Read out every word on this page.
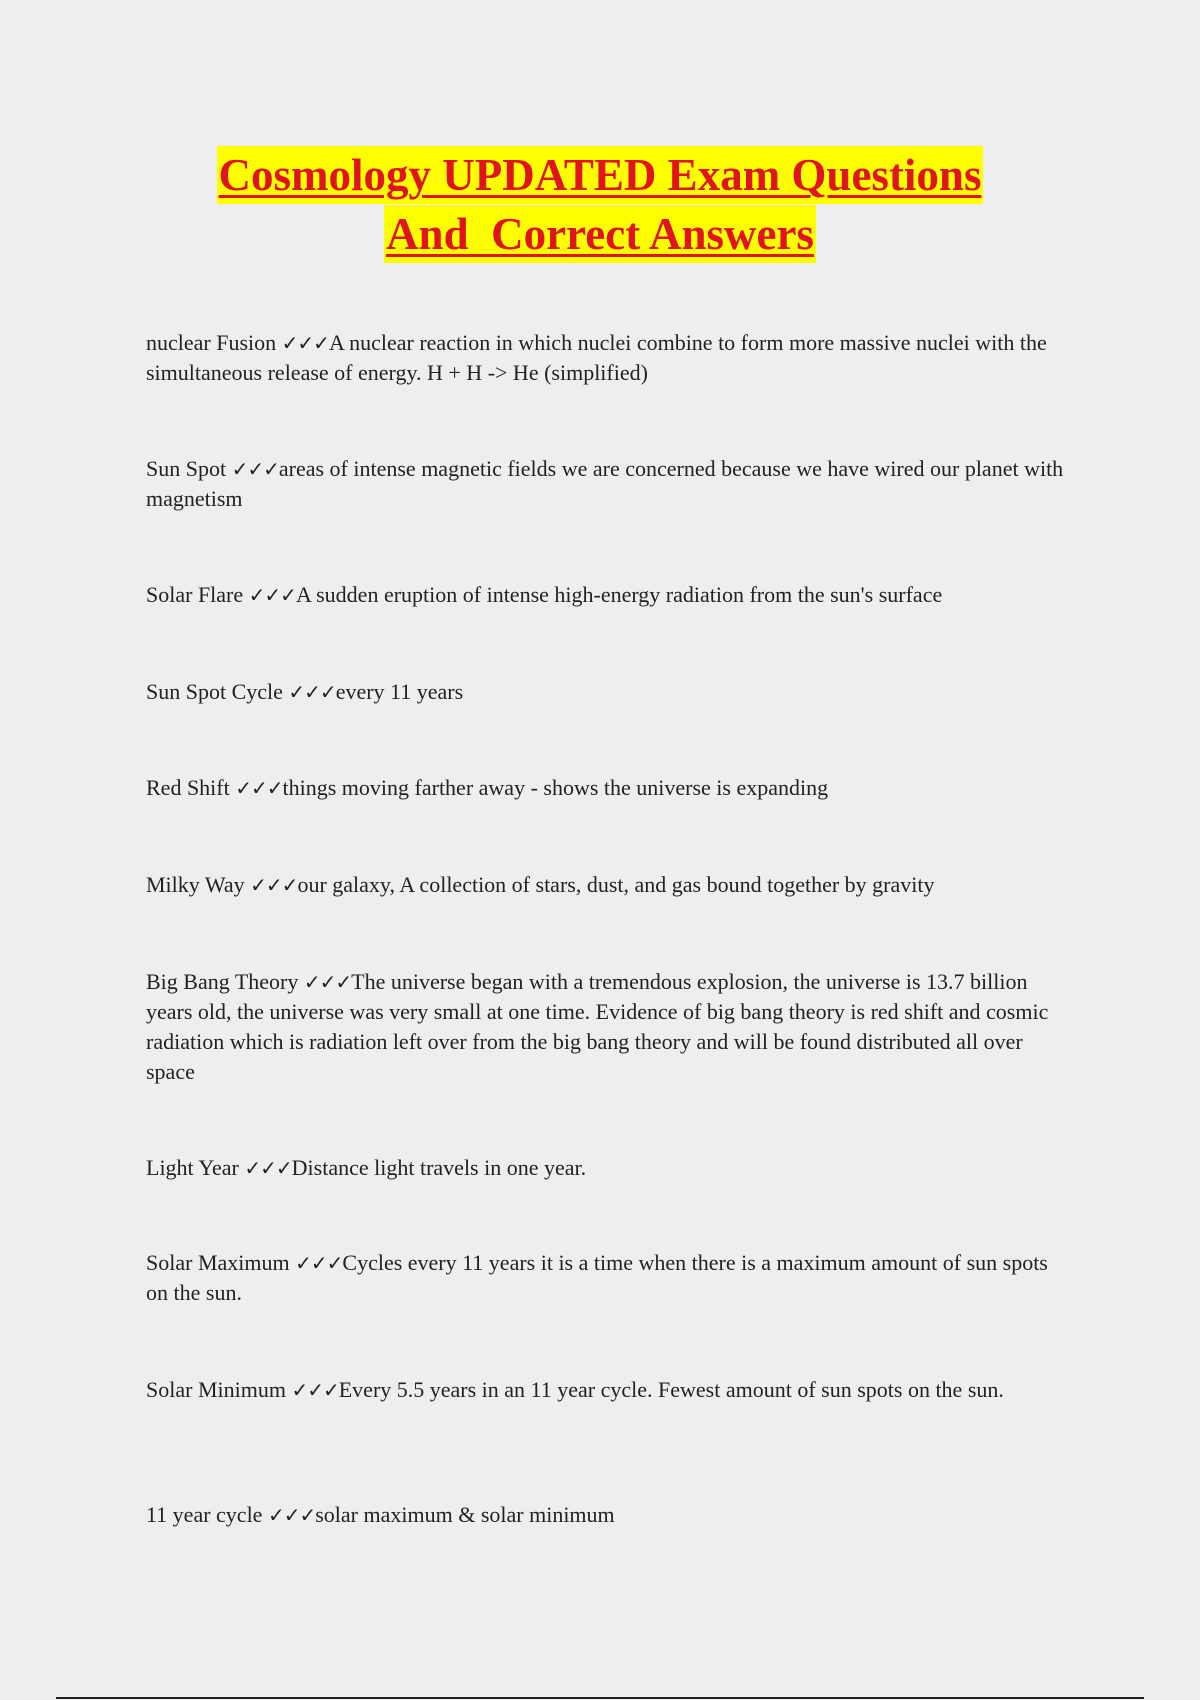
Cosmology UPDATED Exam Questions
And  Correct Answers
nuclear Fusion ✓✓✓A nuclear reaction in which nuclei combine to form more massive nuclei with the simultaneous release of energy. H + H -> He (simplified)
Sun Spot ✓✓✓areas of intense magnetic fields we are concerned because we have wired our planet with magnetism
Solar Flare ✓✓✓A sudden eruption of intense high-energy radiation from the sun's surface
Sun Spot Cycle ✓✓✓every 11 years
Red Shift ✓✓✓things moving farther away - shows the universe is expanding
Milky Way ✓✓✓our galaxy, A collection of stars, dust, and gas bound together by gravity
Big Bang Theory ✓✓✓The universe began with a tremendous explosion, the universe is 13.7 billion years old, the universe was very small at one time. Evidence of big bang theory is red shift and cosmic radiation which is radiation left over from the big bang theory and will be found distributed all over space
Light Year ✓✓✓Distance light travels in one year.
Solar Maximum ✓✓✓Cycles every 11 years it is a time when there is a maximum amount of sun spots on the sun.
Solar Minimum ✓✓✓Every 5.5 years in an 11 year cycle. Fewest amount of sun spots on the sun.
11 year cycle ✓✓✓solar maximum & solar minimum
